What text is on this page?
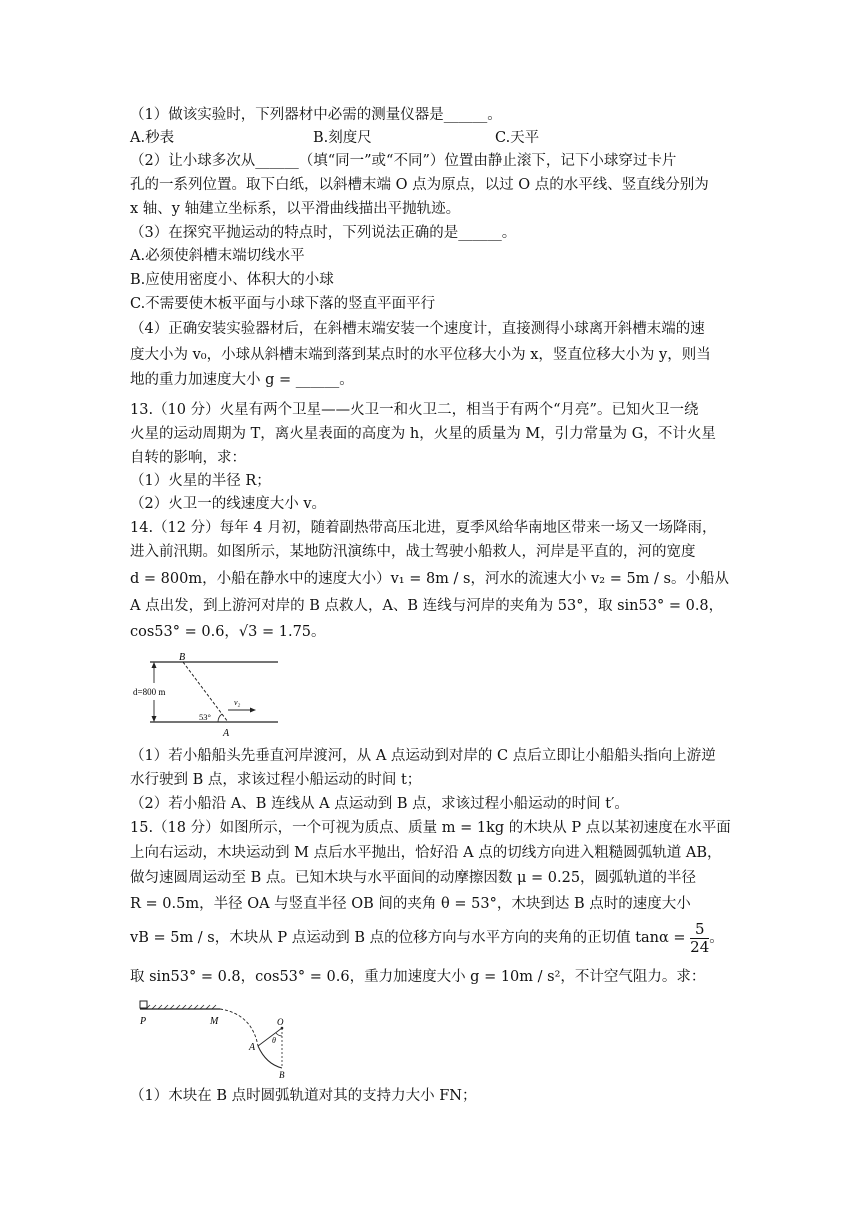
（1）做该实验时，下列器材中必需的测量仪器是______。
A.秒表	B.刻度尺	C.天平
（2）让小球多次从______（填“同一”或“不同”）位置由静止滚下，记下小球穿过卡片
孔的一系列位置。取下白纸，以斜槽末端 O 点为原点，以过 O 点的水平线、竖直线分别为
x 轴、y 轴建立坐标系，以平滑曲线描出平抛轨迹。
（3）在探究平抛运动的特点时，下列说法正确的是______。
A.必须使斜槽末端切线水平
B.应使用密度小、体积大的小球
C.不需要使木板平面与小球下落的竖直平面平行
（4）正确安装实验器材后，在斜槽末端安装一个速度计，直接测得小球离开斜槽末端的速
度大小为 v₀，小球从斜槽末端到落到某点时的水平位移大小为 x，竖直位移大小为 y，则当
地的重力加速度大小 g = ______。
13.（10 分）火星有两个卫星——火卫一和火卫二，相当于有两个“月亮”。已知火卫一绕
火星的运动周期为 T，离火星表面的高度为 h，火星的质量为 M，引力常量为 G，不计火星
自转的影响，求：
（1）火星的半径 R；
（2）火卫一的线速度大小 v。
14.（12 分）每年 4 月初，随着副热带高压北进，夏季风给华南地区带来一场又一场降雨，
进入前汛期。如图所示，某地防汛演练中，战士驾驶小船救人，河岸是平直的，河的宽度
d = 800m，小船在静水中的速度大小）v₁ = 8m / s，河水的流速大小 v₂ = 5m / s。小船从
A 点出发，到上游河对岸的 B 点救人，A、B 连线与河岸的夹角为 53°，取 sin53° = 0.8，
cos53° = 0.6，√3 = 1.75。
d=800 m
B
A
v₂
53°
（1）若小船船头先垂直河岸渡河，从 A 点运动到对岸的 C 点后立即让小船船头指向上游逆
水行驶到 B 点，求该过程小船运动的时间 t；
（2）若小船沿 A、B 连线从 A 点运动到 B 点，求该过程小船运动的时间 t′。
15.（18 分）如图所示，一个可视为质点、质量 m = 1kg 的木块从 P 点以某初速度在水平面
上向右运动，木块运动到 M 点后水平抛出，恰好沿 A 点的切线方向进入粗糙圆弧轨道 AB，
做匀速圆周运动至 B 点。已知木块与水平面间的动摩擦因数 μ = 0.25，圆弧轨道的半径
R = 0.5m，半径 OA 与竖直半径 OB 间的夹角 θ = 53°，木块到达 B 点时的速度大小
vB = 5m / s，木块从 P 点运动到 B 点的位移方向与水平方向的夹角的正切值 $\tan\alpha = \frac{5}{24}$ 。
取 sin53° = 0.8，cos53° = 0.6，重力加速度大小 g = 10m / s²，不计空气阻力。求：
P	M	O
θ
A
B
（1）木块在 B 点时圆弧轨道对其的支持力大小 FN；
